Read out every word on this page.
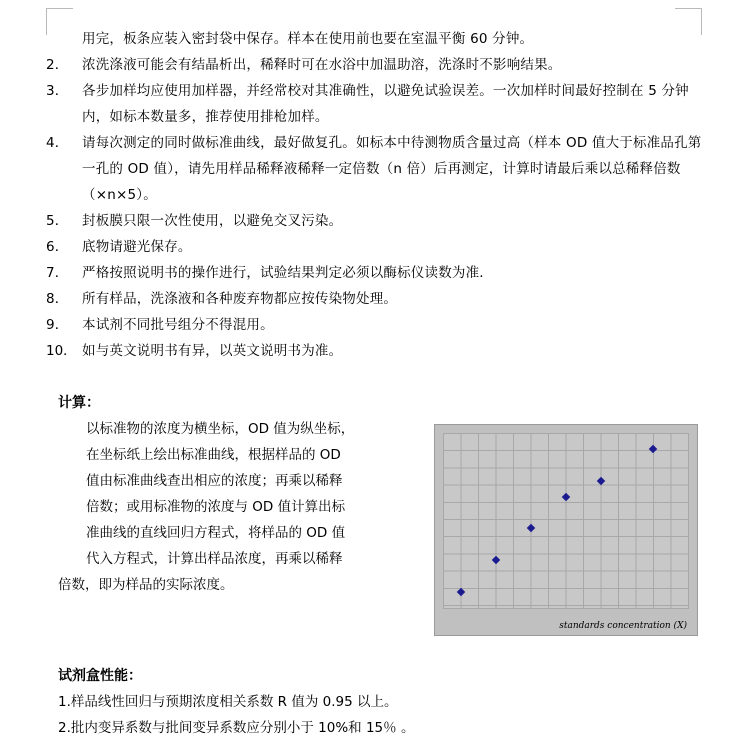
用完，板条应装入密封袋中保存。样本在使用前也要在室温平衡 60 分钟。
2．	浓洗涤液可能会有结晶析出，稀释时可在水浴中加温助溶，洗涤时不影响结果。
3．	各步加样均应使用加样器，并经常校对其准确性，以避免试验误差。一次加样时间最好控制在 5 分钟内，如标本数量多，推荐使用排枪加样。
4．	请每次测定的同时做标准曲线，最好做复孔。如标本中待测物质含量过高（样本 OD 值大于标准品孔第一孔的 OD 值），请先用样品稀释液稀释一定倍数（n 倍）后再测定，计算时请最后乘以总稀释倍数（×n×5）。
5．	封板膜只限一次性使用，以避免交叉污染。
6．	底物请避光保存。
7．	严格按照说明书的操作进行，试验结果判定必须以酶标仪读数为准.
8．	所有样品，洗涤液和各种废弃物都应按传染物处理。
9．	本试剂不同批号组分不得混用。
10． 如与英文说明书有异，以英文说明书为准。
计算：
以标准物的浓度为横坐标，OD 值为纵坐标，
在坐标纸上绘出标准曲线，根据样品的 OD
值由标准曲线查出相应的浓度；再乘以稀释
倍数；或用标准物的浓度与 OD 值计算出标
准曲线的直线回归方程式，将样品的 OD 值
代入方程式，计算出样品浓度，再乘以稀释
倍数，即为样品的实际浓度。
standards concentration (X)
试剂盒性能：
1.样品线性回归与预期浓度相关系数 R 值为 0.95 以上。
2.批内变异系数与批间变异系数应分别小于 10%和 15％ 。
